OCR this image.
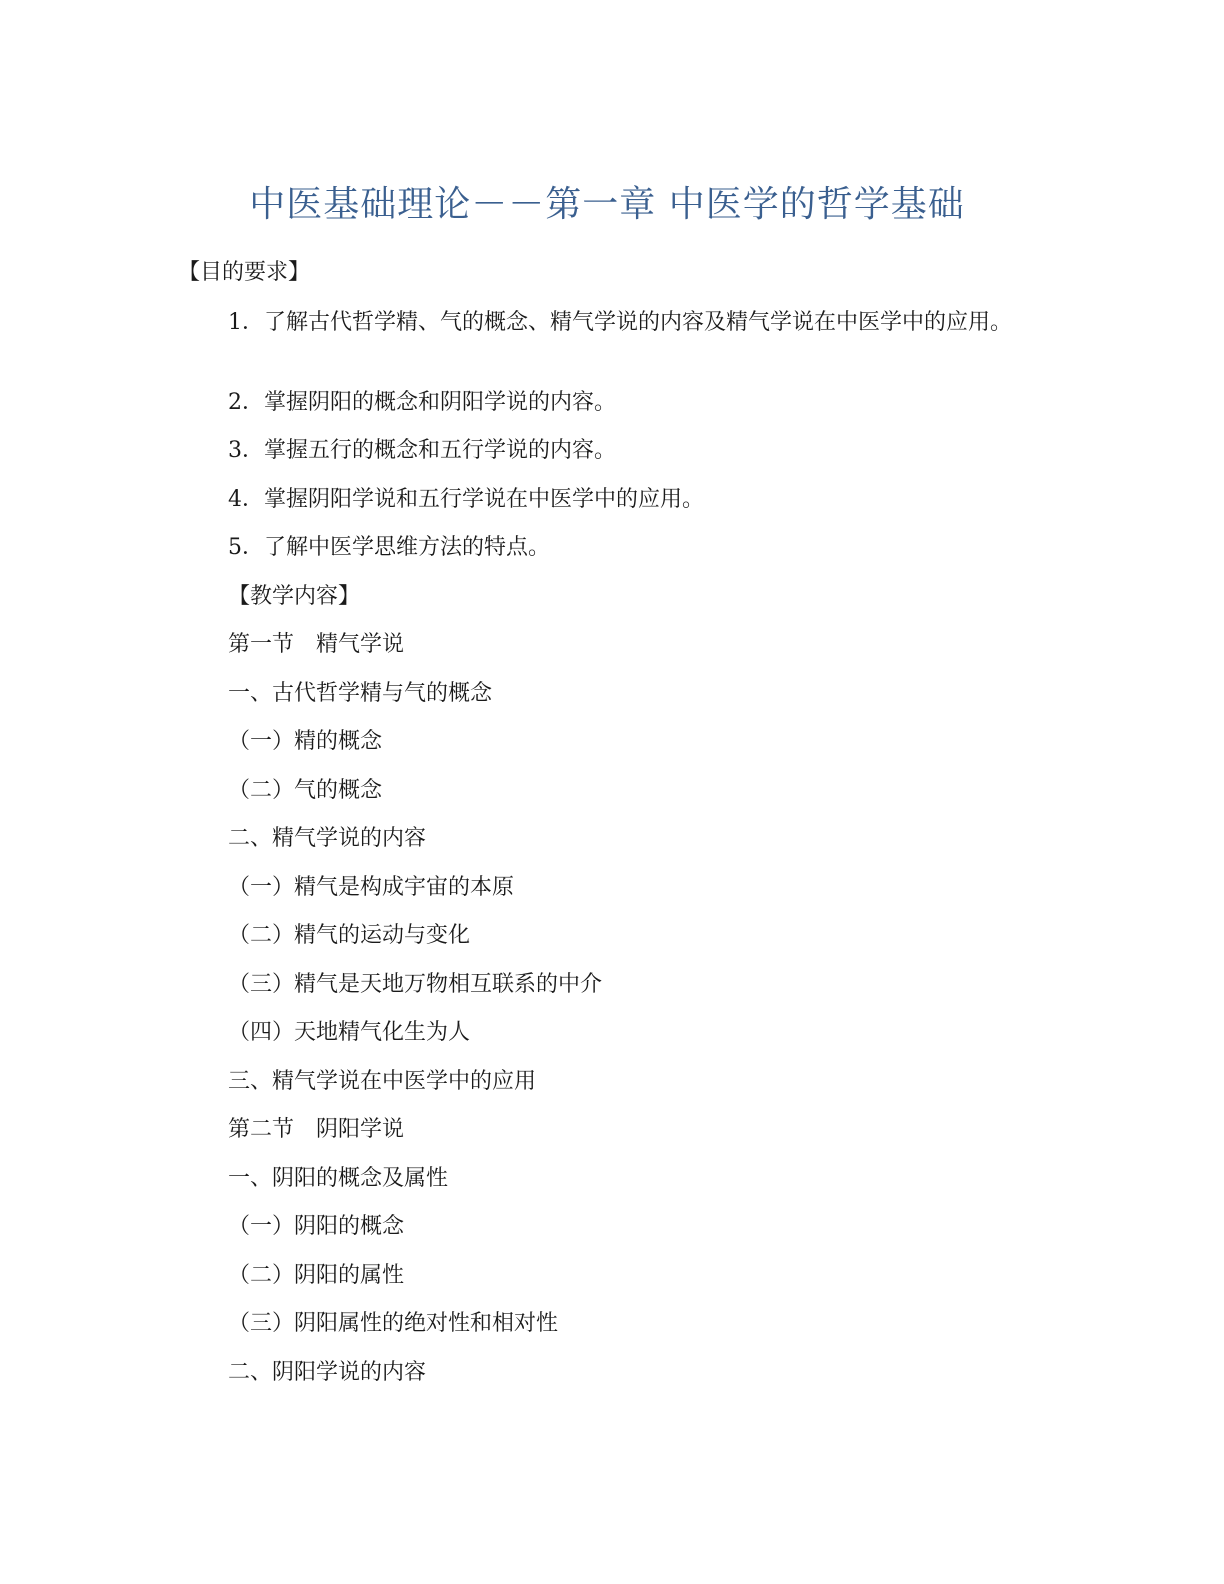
中医基础理论－－第一章 中医学的哲学基础
【目的要求】
1．了解古代哲学精、气的概念、精气学说的内容及精气学说在中医学中的应用。
2．掌握阴阳的概念和阴阳学说的内容。
3．掌握五行的概念和五行学说的内容。
4．掌握阴阳学说和五行学说在中医学中的应用。
5．了解中医学思维方法的特点。
【教学内容】
第一节　精气学说
一、古代哲学精与气的概念
（一）精的概念
（二）气的概念
二、精气学说的内容
（一）精气是构成宇宙的本原
（二）精气的运动与变化
（三）精气是天地万物相互联系的中介
（四）天地精气化生为人
三、精气学说在中医学中的应用
第二节　阴阳学说
一、阴阳的概念及属性
（一）阴阳的概念
（二）阴阳的属性
（三）阴阳属性的绝对性和相对性
二、阴阳学说的内容
